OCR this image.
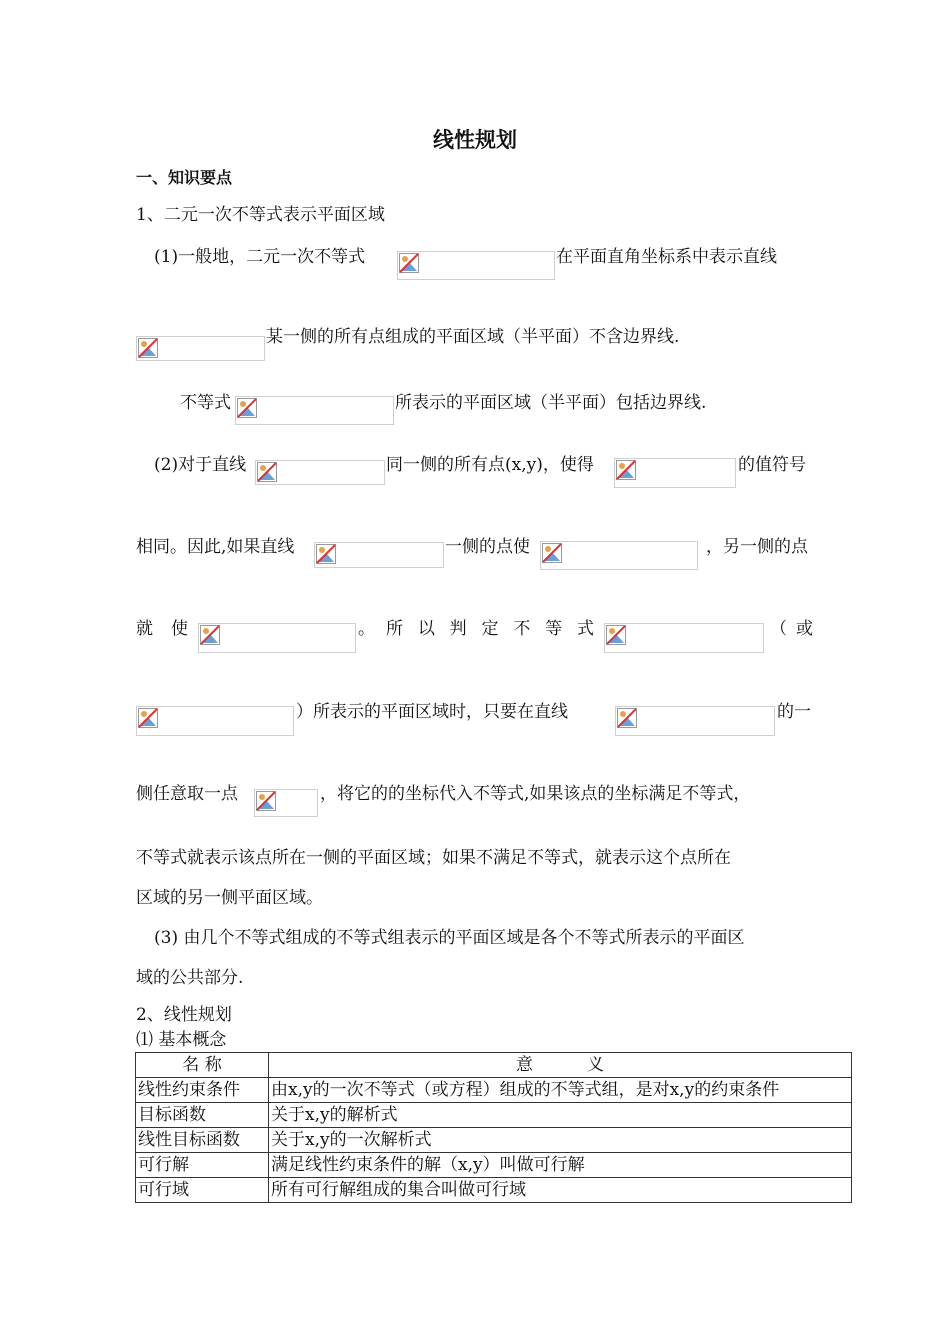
线性规划
一、知识要点
1、二元一次不等式表示平面区域
(1)一般地，二元一次不等式	在平面直角坐标系中表示直线
某一侧的所有点组成的平面区域（半平面）不含边界线.
不等式	所表示的平面区域（半平面）包括边界线.
(2)对于直线	同一侧的所有点(x,y)，使得	的值符号
相同。因此,如果直线	一侧的点使	，另一侧的点
就 使	。 所 以 判 定 不 等 式	（ 或
）所表示的平面区域时，只要在直线	的一
侧任意取一点	，将它的的坐标代入不等式,如果该点的坐标满足不等式，
不等式就表示该点所在一侧的平面区域；如果不满足不等式，就表示这个点所在
区域的另一侧平面区域。
(3) 由几个不等式组成的不等式组表示的平面区域是各个不等式所表示的平面区
域的公共部分.
2、线性规划
⑴ 基本概念
名 称	意          义
线性约束条件	由x,y的一次不等式（或方程）组成的不等式组，是对x,y的约束条件
目标函数	关于x,y的解析式
线性目标函数	关于x,y的一次解析式
可行解	满足线性约束条件的解（x,y）叫做可行解
可行域	所有可行解组成的集合叫做可行域
